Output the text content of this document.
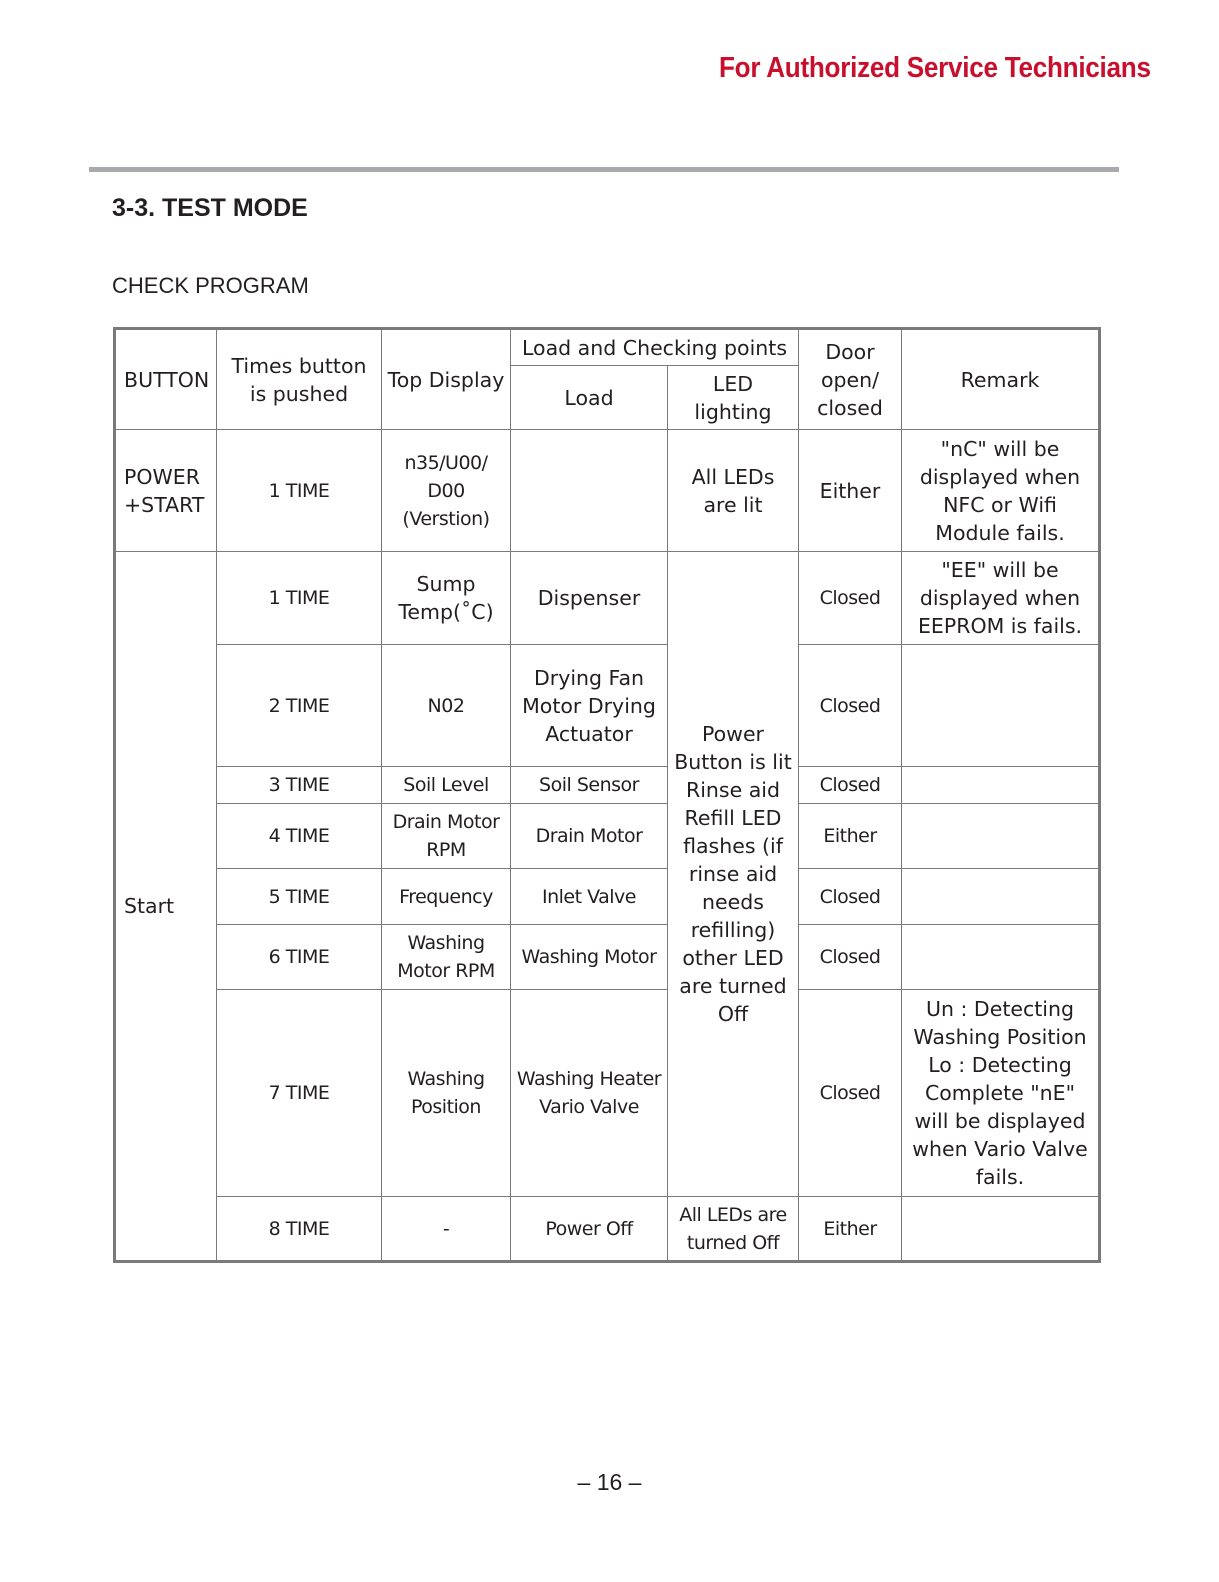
For Authorized Service Technicians
3-3. TEST MODE
CHECK PROGRAM
BUTTON	Times button is pushed	Top Display	Load and Checking points		Door open/ closed	Remark
			Load	LED lighting		
POWER +START	1 TIME	n35/U00/ D00 (Verstion)		All LEDs are lit	Either	"nC" will be displayed when NFC or Wifi Module fails.
Start	1 TIME	Sump Temp(˚C)	Dispenser	Power Button is lit Rinse aid Refill LED flashes (if rinse aid needs refilling) other LED are turned Off	Closed	"EE" will be displayed when EEPROM is fails.
	2 TIME	N02	Drying Fan Motor Drying Actuator		Closed	
	3 TIME	Soil Level	Soil Sensor		Closed	
	4 TIME	Drain Motor RPM	Drain Motor		Either	
	5 TIME	Frequency	Inlet Valve		Closed	
	6 TIME	Washing Motor RPM	Washing Motor		Closed	
	7 TIME	Washing Position	Washing Heater Vario Valve		Closed	Un : Detecting Washing Position Lo : Detecting Complete "nE" will be displayed when Vario Valve fails.
	8 TIME	-	Power Off	All LEDs are turned Off	Either	
– 16 –
